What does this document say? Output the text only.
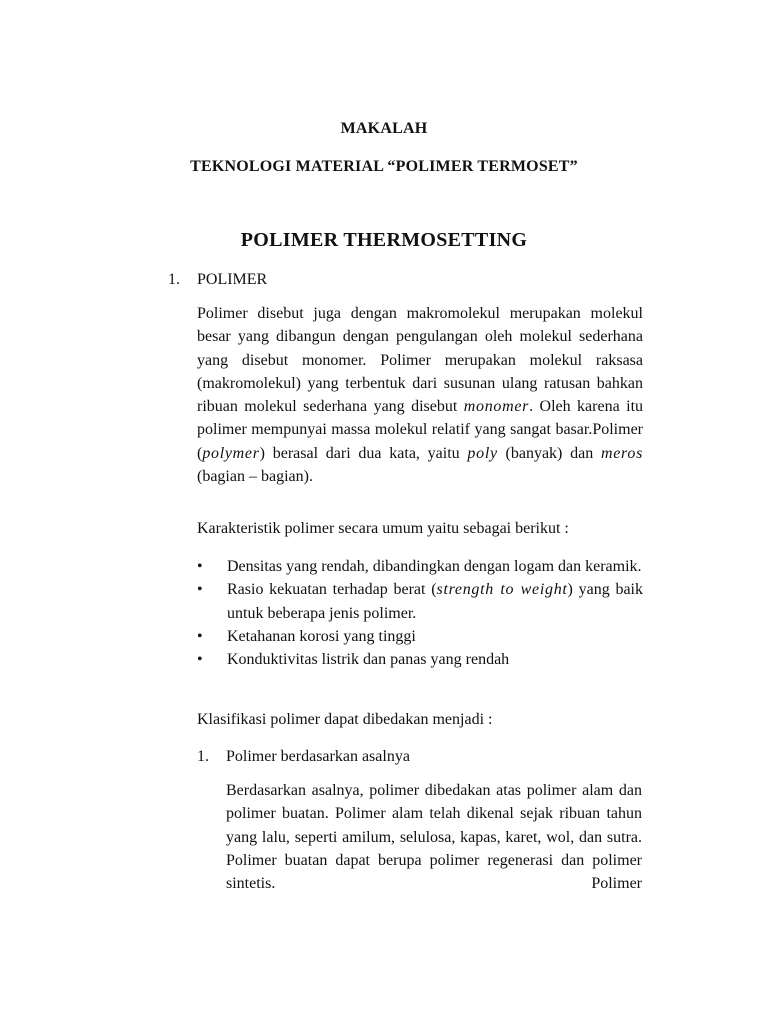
MAKALAH

TEKNOLOGI MATERIAL “POLIMER TERMOSET”

POLIMER THERMOSETTING

1. POLIMER

Polimer disebut juga dengan makromolekul merupakan molekul besar yang dibangun dengan pengulangan oleh molekul sederhana yang disebut monomer. Polimer merupakan molekul raksasa (makromolekul) yang terbentuk dari susunan ulang ratusan bahkan ribuan molekul sederhana yang disebut monomer. Oleh karena itu polimer mempunyai massa molekul relatif yang sangat basar.Polimer (polymer) berasal dari dua kata, yaitu poly (banyak) dan meros (bagian – bagian).

Karakteristik polimer secara umum yaitu sebagai berikut :

• Densitas yang rendah, dibandingkan dengan logam dan keramik.
• Rasio kekuatan terhadap berat (strength to weight) yang baik untuk beberapa jenis polimer.
• Ketahanan korosi yang tinggi
• Konduktivitas listrik dan panas yang rendah

Klasifikasi polimer dapat dibedakan menjadi :

1. Polimer berdasarkan asalnya

Berdasarkan asalnya, polimer dibedakan atas polimer alam dan polimer buatan. Polimer alam telah dikenal sejak ribuan tahun yang lalu, seperti amilum, selulosa, kapas, karet, wol, dan sutra. Polimer buatan dapat berupa polimer regenerasi dan polimer sintetis. Polimer
